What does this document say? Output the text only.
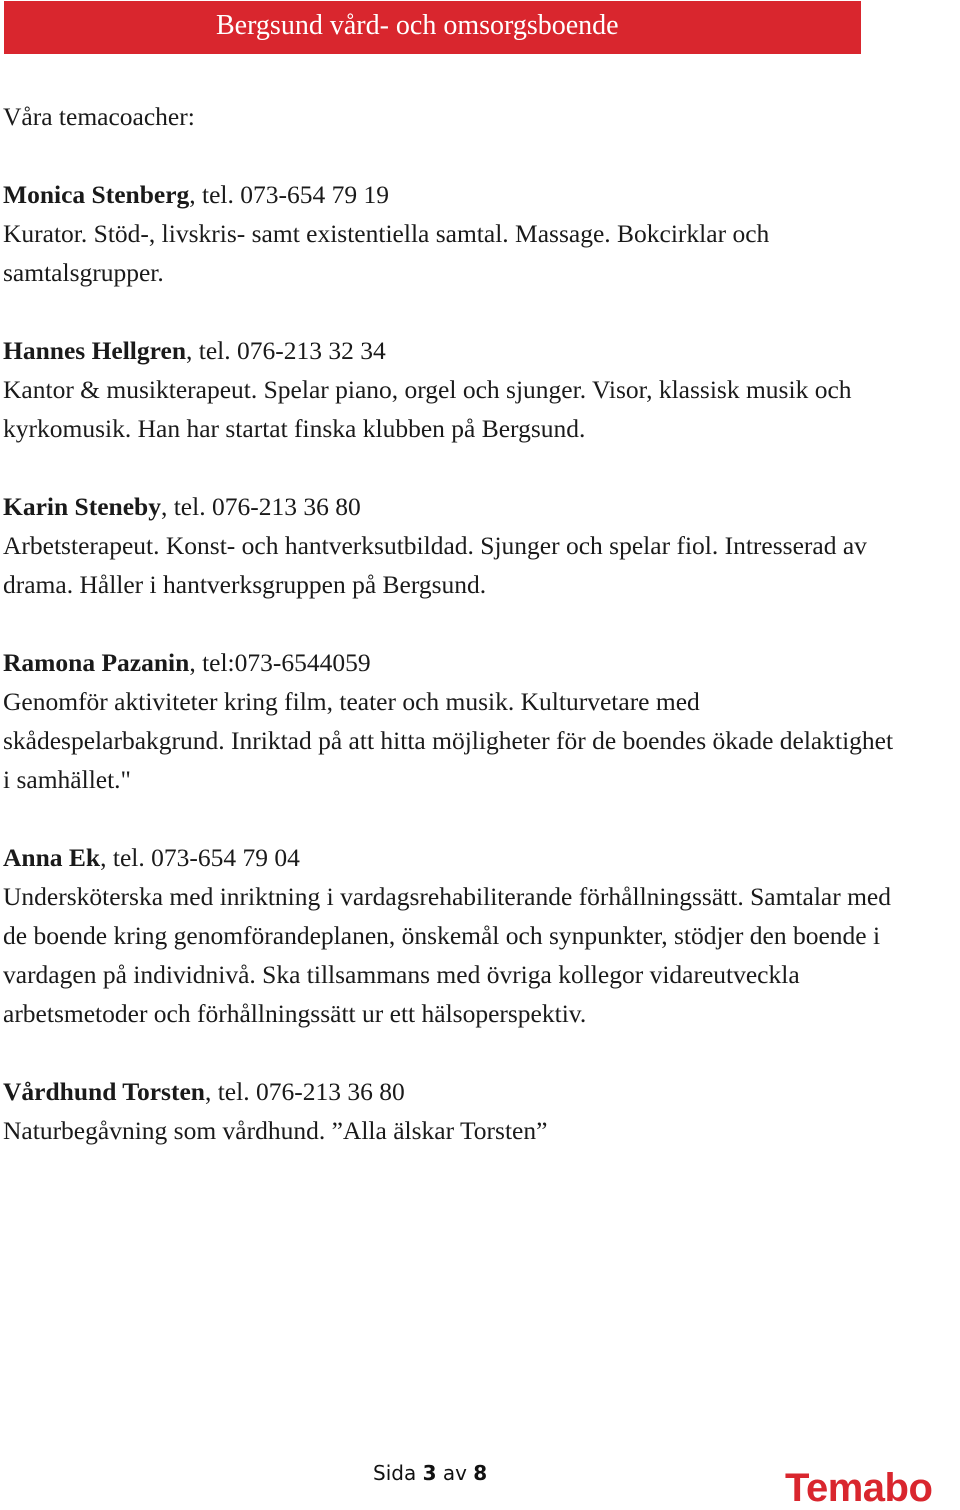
Bergsund vård- och omsorgsboende

Våra temacoacher:

Monica Stenberg, tel. 073-654 79 19

Kurator. Stöd-, livskris- samt existentiella samtal. Massage. Bokcirklar och samtalsgrupper.

Hannes Hellgren, tel. 076-213 32 34

Kantor & musikterapeut. Spelar piano, orgel och sjunger. Visor, klassisk musik och kyrkomusik. Han har startat finska klubben på Bergsund.

Karin Steneby, tel. 076-213 36 80

Arbetsterapeut. Konst- och hantverksutbildad. Sjunger och spelar fiol. Intresserad av drama. Håller i hantverksgruppen på Bergsund.

Ramona Pazanin, tel:073-6544059

Genomför aktiviteter kring film, teater och musik. Kulturvetare med skådespelarbakgrund. Inriktad på att hitta möjligheter för de boendes ökade delaktighet i samhället."

Anna Ek, tel. 073-654 79 04

Undersköterska med inriktning i vardagsrehabiliterande förhållningssätt. Samtalar med de boende kring genomförandeplanen, önskemål och synpunkter, stödjer den boende i vardagen på individnivå. Ska tillsammans med övriga kollegor vidareutveckla arbetsmetoder och förhållningssätt ur ett hälsoperspektiv.

Vårdhund Torsten, tel. 076-213 36 80

Naturbegåvning som vårdhund. ”Alla älskar Torsten”

Sida 3 av 8	Temabo
